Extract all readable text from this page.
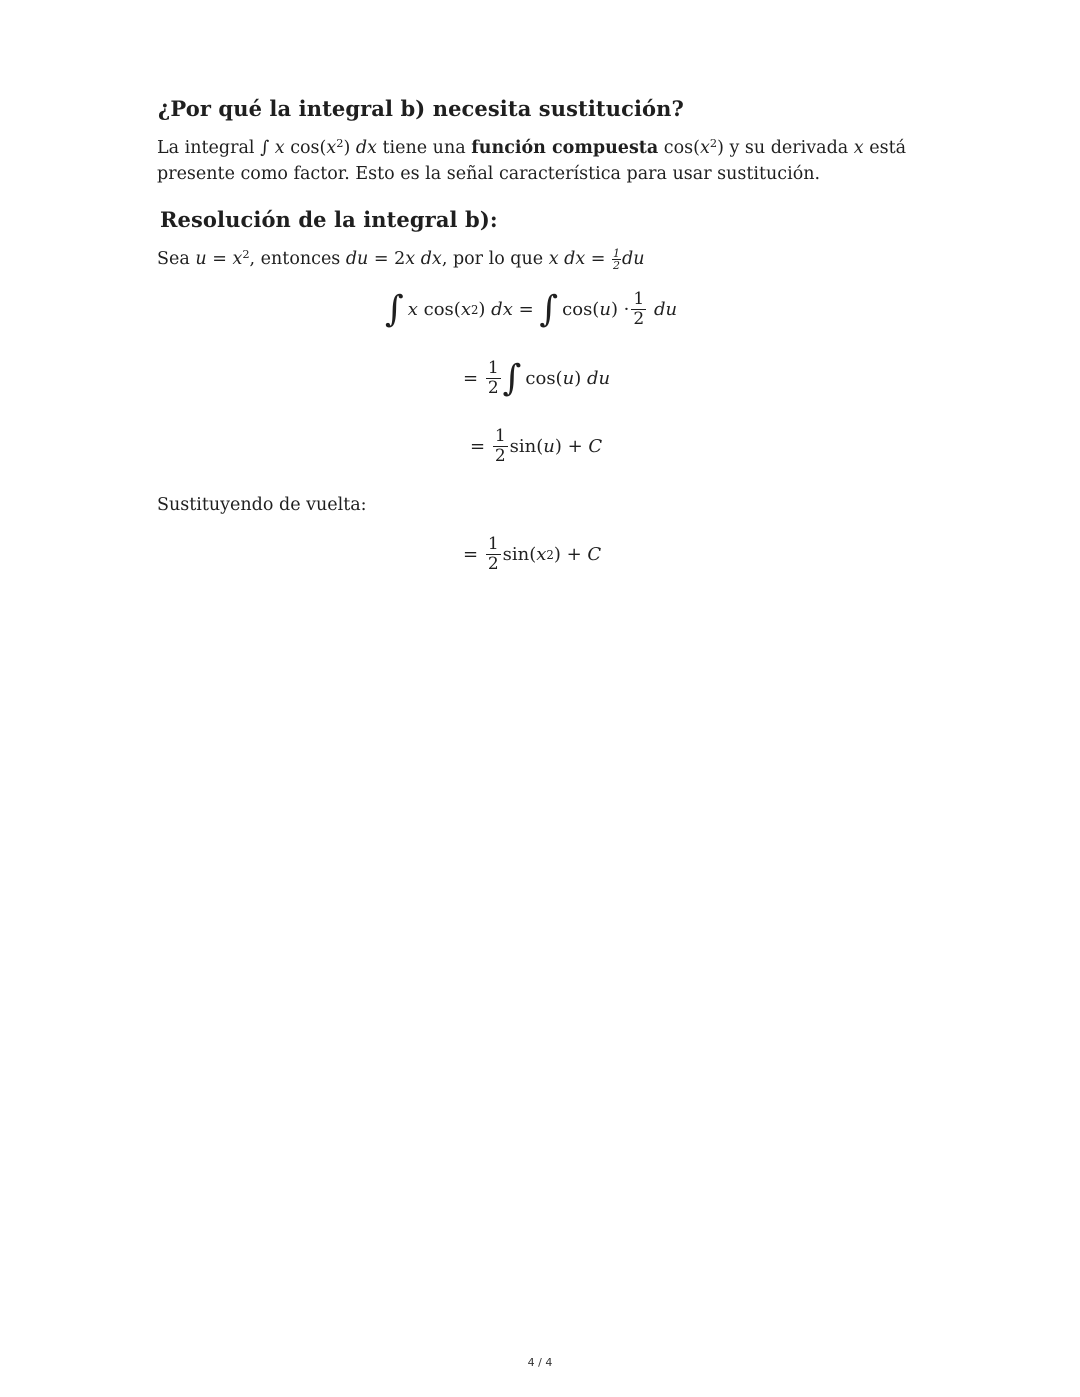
¿Por qué la integral b) necesita sustitución?

La integral ∫ x $\cos(x^2)$ dx tiene una función compuesta $\cos(x^2)$ y su derivada x está presente como factor. Esto es la señal característica para usar sustitución.

Resolución de la integral b):

Sea $u = x^2$, entonces du = 2x dx, por lo que x dx = $\frac{1}{2}$ du

∫ x cos( x 2 ) dx = ∫ cos( u ) · $\frac{1}{2}$ du
= $\frac{1}{2}$ ∫ cos( u ) du
= $\frac{1}{2} \sin$( u ) + C

Sustituyendo de vuelta:

= $\frac{1}{2} \sin$( x 2 ) + C
4 / 4
